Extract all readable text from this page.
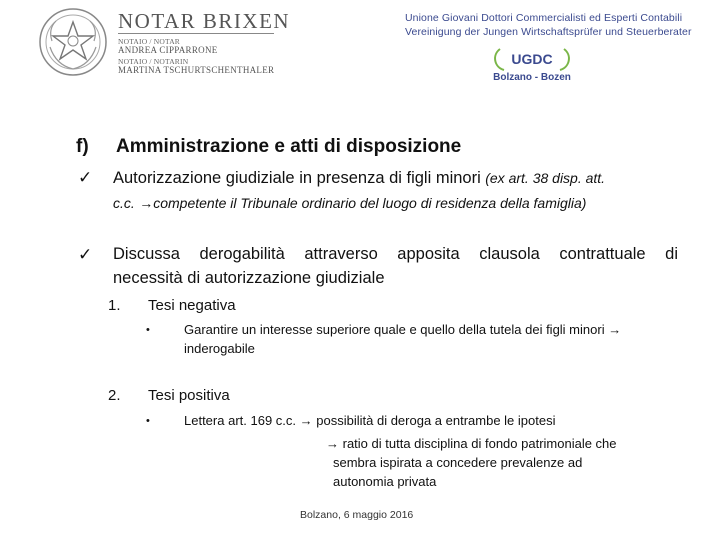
NOTAR BRIXEN
NOTAIO / NOTAR
ANDREA CIPPARRONE
NOTAIO / NOTARIN
MARTINA TSCHURTSCHENTHALER
Unione Giovani Dottori Commercialisti ed Esperti Contabili
Vereinigung der Jungen Wirtschaftsprüfer und Steuerberater
UGDC
Bolzano - Bozen
f) Amministrazione e atti di disposizione
✓ Autorizzazione giudiziale in presenza di figli minori (ex art. 38 disp. att.
c.c. →competente il Tribunale ordinario del luogo di residenza della famiglia)
✓ Discussa derogabilità attraverso apposita clausola contrattuale di
necessità di autorizzazione giudiziale
1. Tesi negativa
•	Garantire un interesse superiore quale e quello della tutela dei figli minori →
inderogabile
2. Tesi positiva
•	Lettera art. 169 c.c. → possibilità di deroga a entrambe le ipotesi
→ ratio di tutta disciplina di fondo patrimoniale che
sembra ispirata a concedere prevalenze ad
autonomia privata
Bolzano, 6 maggio 2016
